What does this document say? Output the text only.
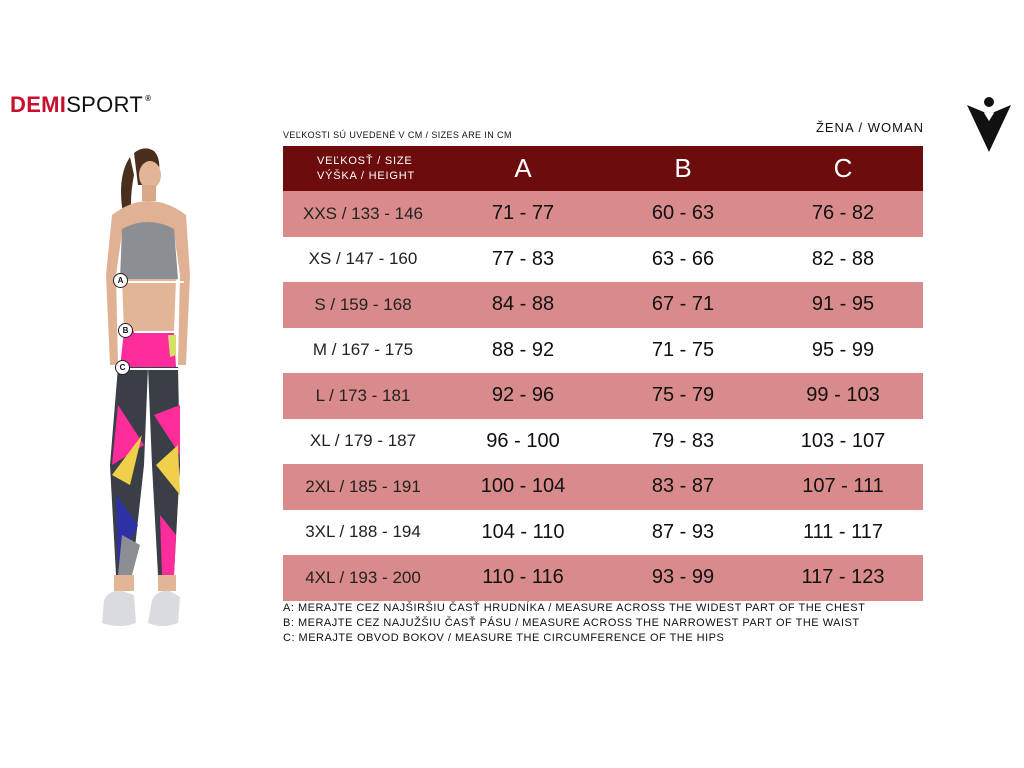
DEMI SPORT ®
VEĽKOSTI SÚ UVEDENÉ V CM / SIZES ARE IN CM	ŽENA / WOMAN
VEĽKOSŤ / SIZE
VÝŠKA / HEIGHT	A	B	C
XXS / 133 - 146	71 - 77	60 - 63	76 - 82
XS / 147 - 160	77 - 83	63 - 66	82 - 88
S / 159 - 168	84 - 88	67 - 71	91 - 95
M / 167 - 175	88 - 92	71 - 75	95 - 99
L / 173 - 181	92 - 96	75 - 79	99 - 103
XL / 179 - 187	96 - 100	79 - 83	103 - 107
2XL / 185 - 191	100 - 104	83 - 87	107 - 111
3XL / 188 - 194	104 - 110	87 - 93	111 - 117
4XL / 193 - 200	110 - 116	93 - 99	117 - 123
A: MERAJTE CEZ NAJŠIRŠIU ČASŤ HRUDNÍKA / MEASURE ACROSS THE WIDEST PART OF THE CHEST
B: MERAJTE CEZ NAJUŽŠIU ČASŤ PÁSU / MEASURE ACROSS THE NARROWEST PART OF THE WAIST
C: MERAJTE OBVOD BOKOV / MEASURE THE CIRCUMFERENCE OF THE HIPS
A
B
C
